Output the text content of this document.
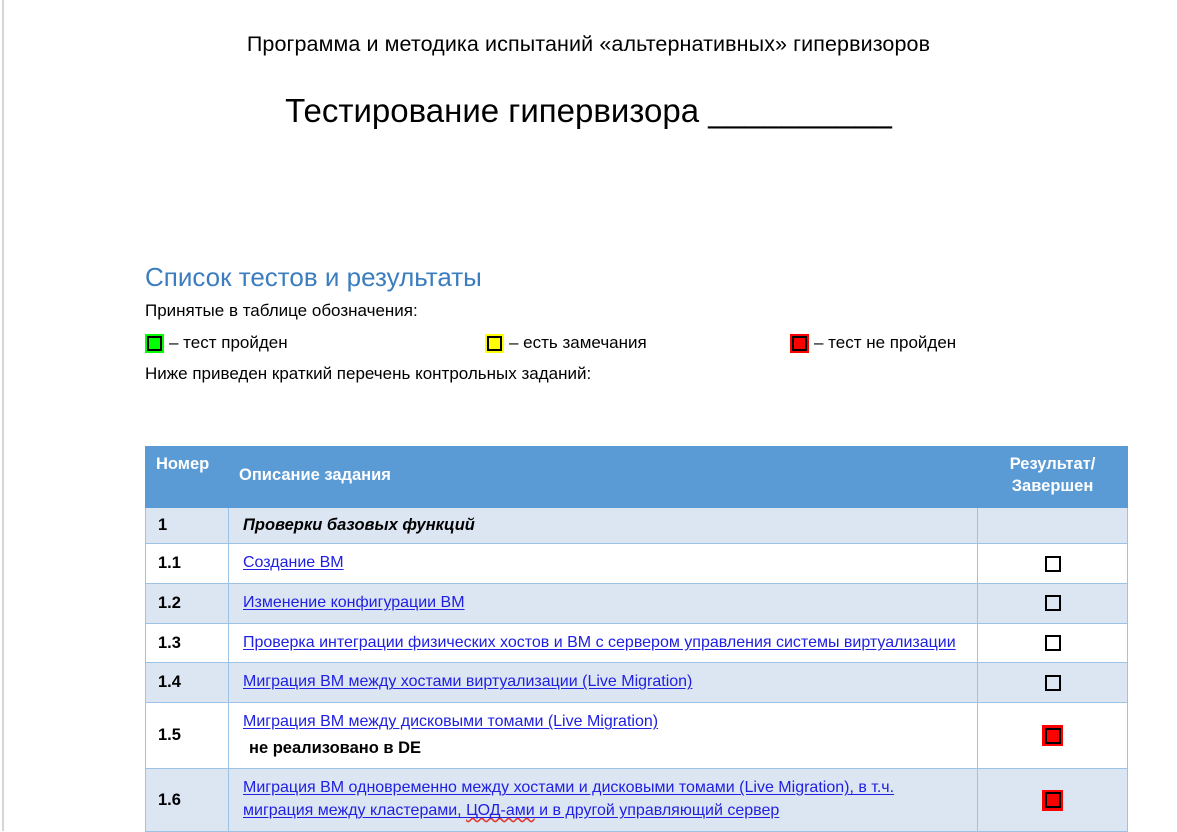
Программа и методика испытаний «альтернативных» гипервизоров
Тестирование гипервизора __________
Список тестов и результаты
Принятые в таблице обозначения:
– тест пройден	– есть замечания	– тест не пройден
Ниже приведен краткий перечень контрольных заданий:
Номер	Описание задания	Результат/ Завершен
1	Проверки базовых функций	
1.1	Создание ВМ	

1.2	Изменение конфигурации ВМ	

1.3	Проверка интеграции физических хостов и ВМ с сервером управления системы виртуализации	

1.4	Миграция ВМ между хостами виртуализации (Live Migration)	

1.5	Миграция ВМ между дисковыми томами (Live Migration)
не реализовано в DE	

1.6	Миграция ВМ одновременно между хостами и дисковыми томами (Live Migration), в т.ч. миграция между кластерами, ЦОД-ами и в другой управляющий сервер	
